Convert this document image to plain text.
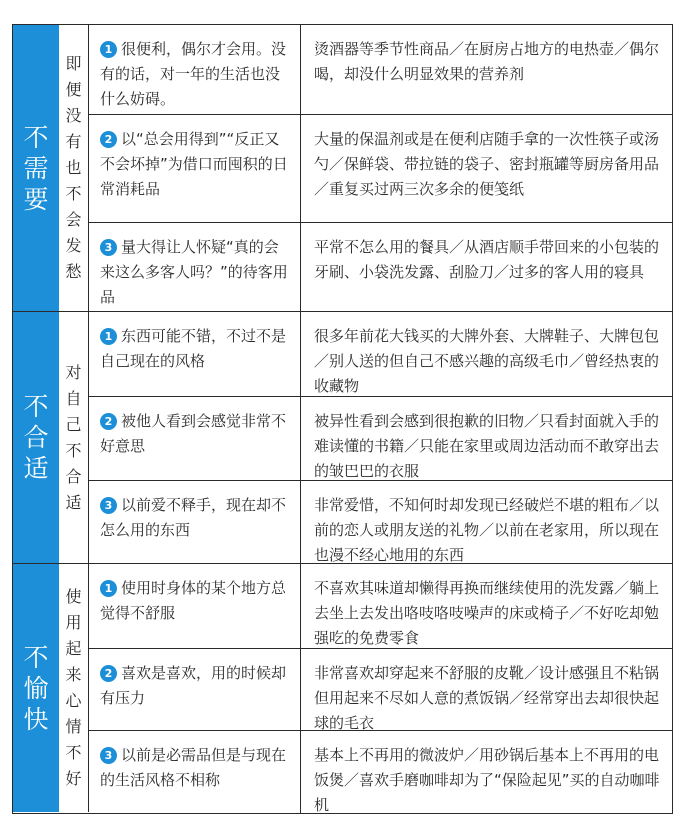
不需要
即便没有也不会发愁
1 很便利，偶尔才会用。没有的话，对一年的生活也没什么妨碍。
烫酒器等季节性商品／在厨房占地方的电热壶／偶尔喝，却没什么明显效果的营养剂
2 以“总会用得到”“反正又不会坏掉”为借口而囤积的日常消耗品
大量的保温剂或是在便利店随手拿的一次性筷子或汤勺／保鲜袋、带拉链的袋子、密封瓶罐等厨房备用品／重复买过两三次多余的便笺纸
3 量大得让人怀疑“真的会来这么多客人吗？”的待客用品
平常不怎么用的餐具／从酒店顺手带回来的小包装的牙刷、小袋洗发露、刮脸刀／过多的客人用的寝具
不合适
对自己不合适
1 东西可能不错，不过不是自己现在的风格
很多年前花大钱买的大牌外套、大牌鞋子、大牌包包／别人送的但自己不感兴趣的高级毛巾／曾经热衷的收藏物
2 被他人看到会感觉非常不好意思
被异性看到会感到很抱歉的旧物／只看封面就入手的难读懂的书籍／只能在家里或周边活动而不敢穿出去的皱巴巴的衣服
3 以前爱不释手，现在却不怎么用的东西
非常爱惜，不知何时却发现已经破烂不堪的粗布／以前的恋人或朋友送的礼物／以前在老家用，所以现在也漫不经心地用的东西
不愉快
使用起来心情不好
1 使用时身体的某个地方总觉得不舒服
不喜欢其味道却懒得再换而继续使用的洗发露／躺上去坐上去发出咯吱咯吱噪声的床或椅子／不好吃却勉强吃的免费零食
2 喜欢是喜欢，用的时候却有压力
非常喜欢却穿起来不舒服的皮靴／设计感强且不粘锅但用起来不尽如人意的煮饭锅／经常穿出去却很快起球的毛衣
3 以前是必需品但是与现在的生活风格不相称
基本上不再用的微波炉／用砂锅后基本上不再用的电饭煲／喜欢手磨咖啡却为了“保险起见”买的自动咖啡机
